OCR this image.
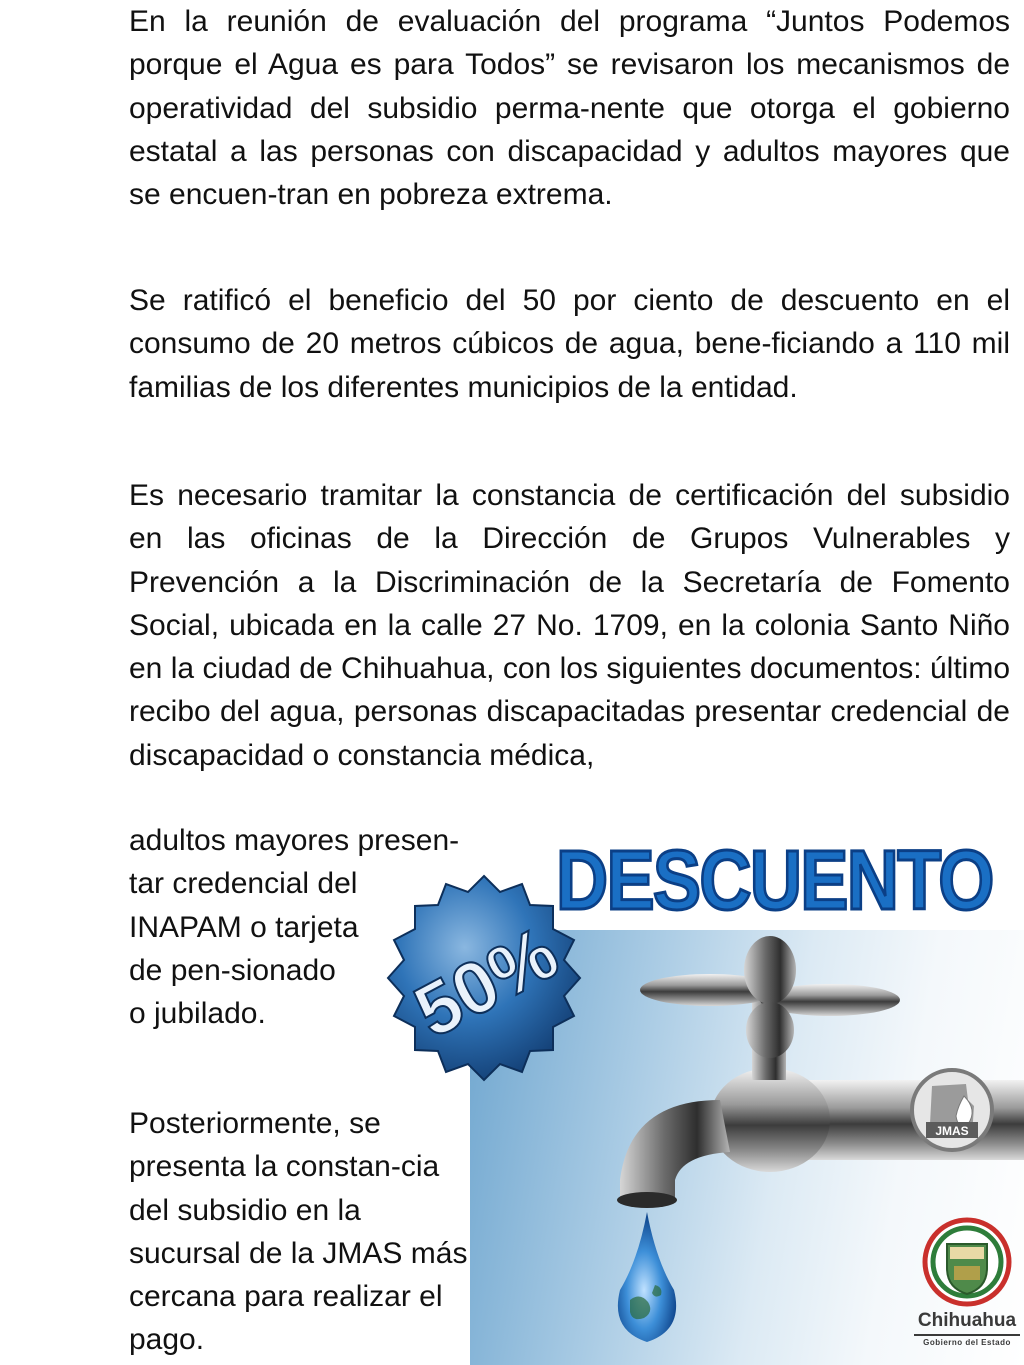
En la reunión de evaluación del programa “Juntos Podemos porque el Agua es para Todos” se revisaron los mecanismos de operatividad del subsidio perma-nente que otorga el gobierno estatal a las personas con discapacidad y adultos mayores que se encuen-tran en pobreza extrema.

Se ratificó el beneficio del 50 por ciento de descuento en el consumo de 20 metros cúbicos de agua, bene-ficiando a 110 mil familias de los diferentes municipios de la entidad.

Es necesario tramitar la constancia de certificación del subsidio en las oficinas de la Dirección de Grupos Vulnerables y Prevención a la Discriminación de la Secretaría de Fomento Social, ubicada en la calle 27 No. 1709, en la colonia Santo Niño en la ciudad de Chihuahua, con los siguientes documentos: último recibo del agua, personas discapacitadas presentar credencial de discapacidad o constancia médica,

adultos mayores presen-

tar credencial del INAPAM o tarjeta de pen-sionado o jubilado.

Posteriormente, se presenta la constan-cia del subsidio en la sucursal de la JMAS más cercana para realizar el pago.

DESCUENTO
50%
JMAS
Chihuahua
Gobierno del Estado
